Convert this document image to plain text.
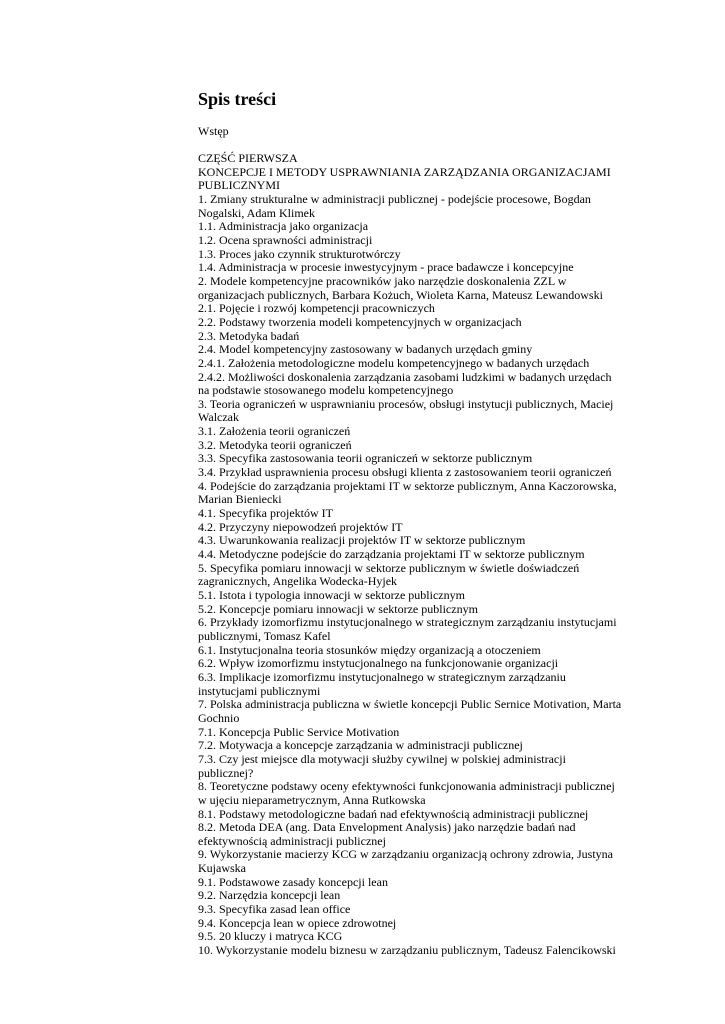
Spis treści
Wstęp
CZĘŚĆ PIERWSZA
KONCEPCJE I METODY USPRAWNIANIA ZARZĄDZANIA ORGANIZACJAMI
PUBLICZNYMI
1. Zmiany strukturalne w administracji publicznej - podejście procesowe, Bogdan
Nogalski, Adam Klimek
1.1. Administracja jako organizacja
1.2. Ocena sprawności administracji
1.3. Proces jako czynnik strukturotwórczy
1.4. Administracja w procesie inwestycyjnym - prace badawcze i koncepcyjne
2. Modele kompetencyjne pracowników jako narzędzie doskonalenia ZZL w
organizacjach publicznych, Barbara Kożuch, Wioleta Karna, Mateusz Lewandowski
2.1. Pojęcie i rozwój kompetencji pracowniczych
2.2. Podstawy tworzenia modeli kompetencyjnych w organizacjach
2.3. Metodyka badań
2.4. Model kompetencyjny zastosowany w badanych urzędach gminy
2.4.1. Założenia metodologiczne modelu kompetencyjnego w badanych urzędach
2.4.2. Możliwości doskonalenia zarządzania zasobami ludzkimi w badanych urzędach
na podstawie stosowanego modelu kompetencyjnego
3. Teoria ograniczeń w usprawnianiu procesów, obsługi instytucji publicznych, Maciej
Walczak
3.1. Założenia teorii ograniczeń
3.2. Metodyka teorii ograniczeń
3.3. Specyfika zastosowania teorii ograniczeń w sektorze publicznym
3.4. Przykład usprawnienia procesu obsługi klienta z zastosowaniem teorii ograniczeń
4. Podejście do zarządzania projektami IT w sektorze publicznym, Anna Kaczorowska,
Marian Bieniecki
4.1. Specyfika projektów IT
4.2. Przyczyny niepowodzeń projektów IT
4.3. Uwarunkowania realizacji projektów IT w sektorze publicznym
4.4. Metodyczne podejście do zarządzania projektami IT w sektorze publicznym
5. Specyfika pomiaru innowacji w sektorze publicznym w świetle doświadczeń
zagranicznych, Angelika Wodecka-Hyjek
5.1. Istota i typologia innowacji w sektorze publicznym
5.2. Koncepcje pomiaru innowacji w sektorze publicznym
6. Przykłady izomorfizmu instytucjonalnego w strategicznym zarządzaniu instytucjami
publicznymi, Tomasz Kafel
6.1. Instytucjonalna teoria stosunków między organizacją a otoczeniem
6.2. Wpływ izomorfizmu instytucjonalnego na funkcjonowanie organizacji
6.3. Implikacje izomorfizmu instytucjonalnego w strategicznym zarządzaniu
instytucjami publicznymi
7. Polska administracja publiczna w świetle koncepcji Public Sernice Motivation, Marta
Gochnio
7.1. Koncepcja Public Service Motivation
7.2. Motywacja a koncepcje zarządzania w administracji publicznej
7.3. Czy jest miejsce dla motywacji służby cywilnej w polskiej administracji
publicznej?
8. Teoretyczne podstawy oceny efektywności funkcjonowania administracji publicznej
w ujęciu nieparametrycznym, Anna Rutkowska
8.1. Podstawy metodologiczne badań nad efektywnością administracji publicznej
8.2. Metoda DEA (ang. Data Envelopment Analysis) jako narzędzie badań nad
efektywnością administracji publicznej
9. Wykorzystanie macierzy KCG w zarządzaniu organizacją ochrony zdrowia, Justyna
Kujawska
9.1. Podstawowe zasady koncepcji lean
9.2. Narzędzia koncepcji lean
9.3. Specyfika zasad lean office
9.4. Koncepcja lean w opiece zdrowotnej
9.5. 20 kluczy i matryca KCG
10. Wykorzystanie modelu biznesu w zarządzaniu publicznym, Tadeusz Falencikowski
